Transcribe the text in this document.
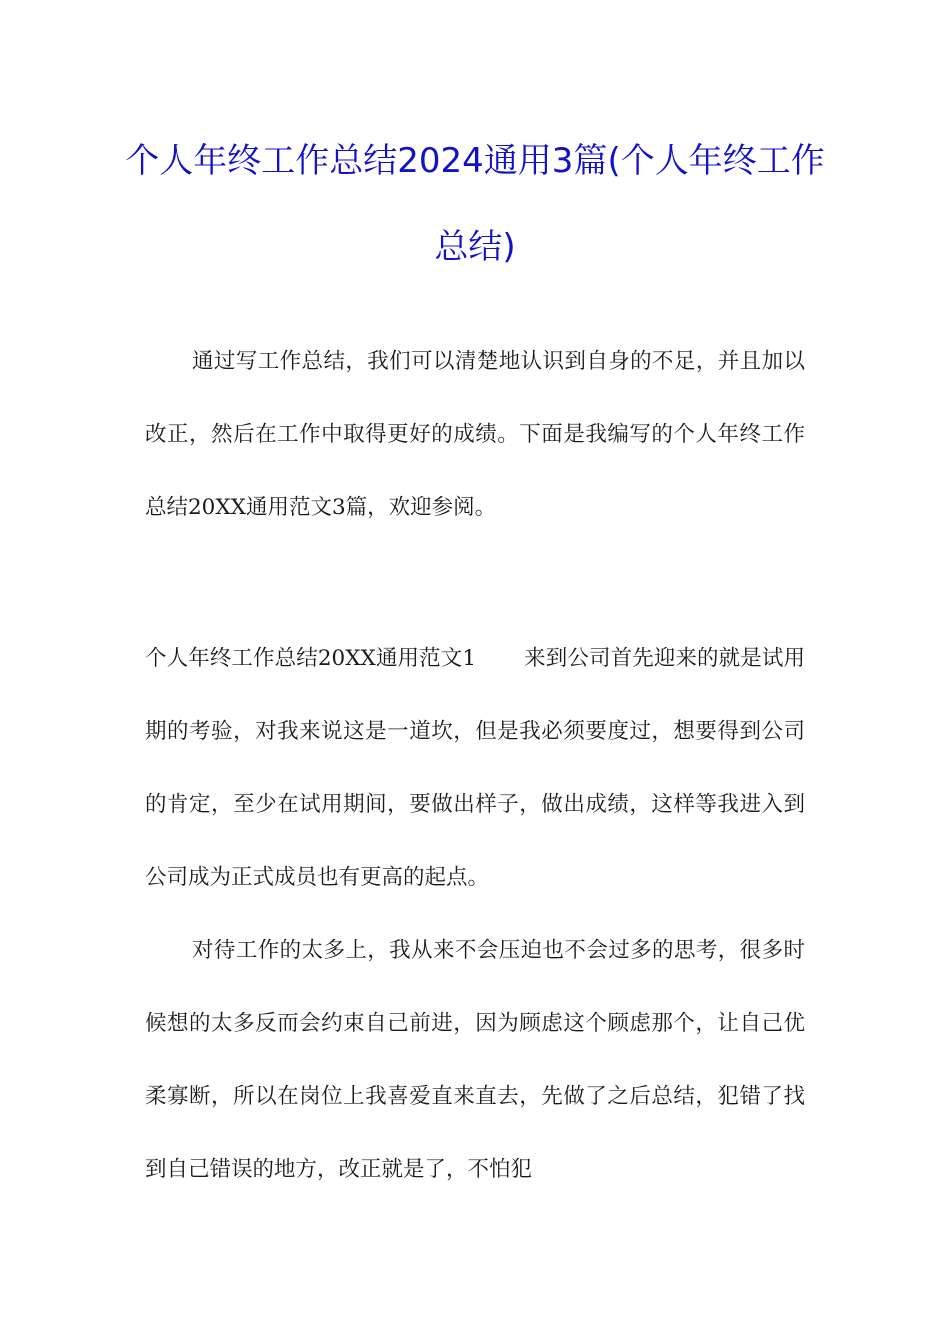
个人年终工作总结2024通用3篇(个人年终工作总结)

通过写工作总结，我们可以清楚地认识到自身的不足，并且加以改正，然后在工作中取得更好的成绩。下面是我编写的个人年终工作总结20XX通用范文3篇，欢迎参阅。

个人年终工作总结20XX通用范文1 来到公司首先迎来的就是试用期的考验，对我来说这是一道坎，但是我必须要度过，想要得到公司的肯定，至少在试用期间，要做出样子，做出成绩，这样等我进入到公司成为正式成员也有更高的起点。

对待工作的太多上，我从来不会压迫也不会过多的思考，很多时候想的太多反而会约束自己前进，因为顾虑这个顾虑那个，让自己优柔寡断，所以在岗位上我喜爱直来直去，先做了之后总结，犯错了找到自己错误的地方，改正就是了，不怕犯
